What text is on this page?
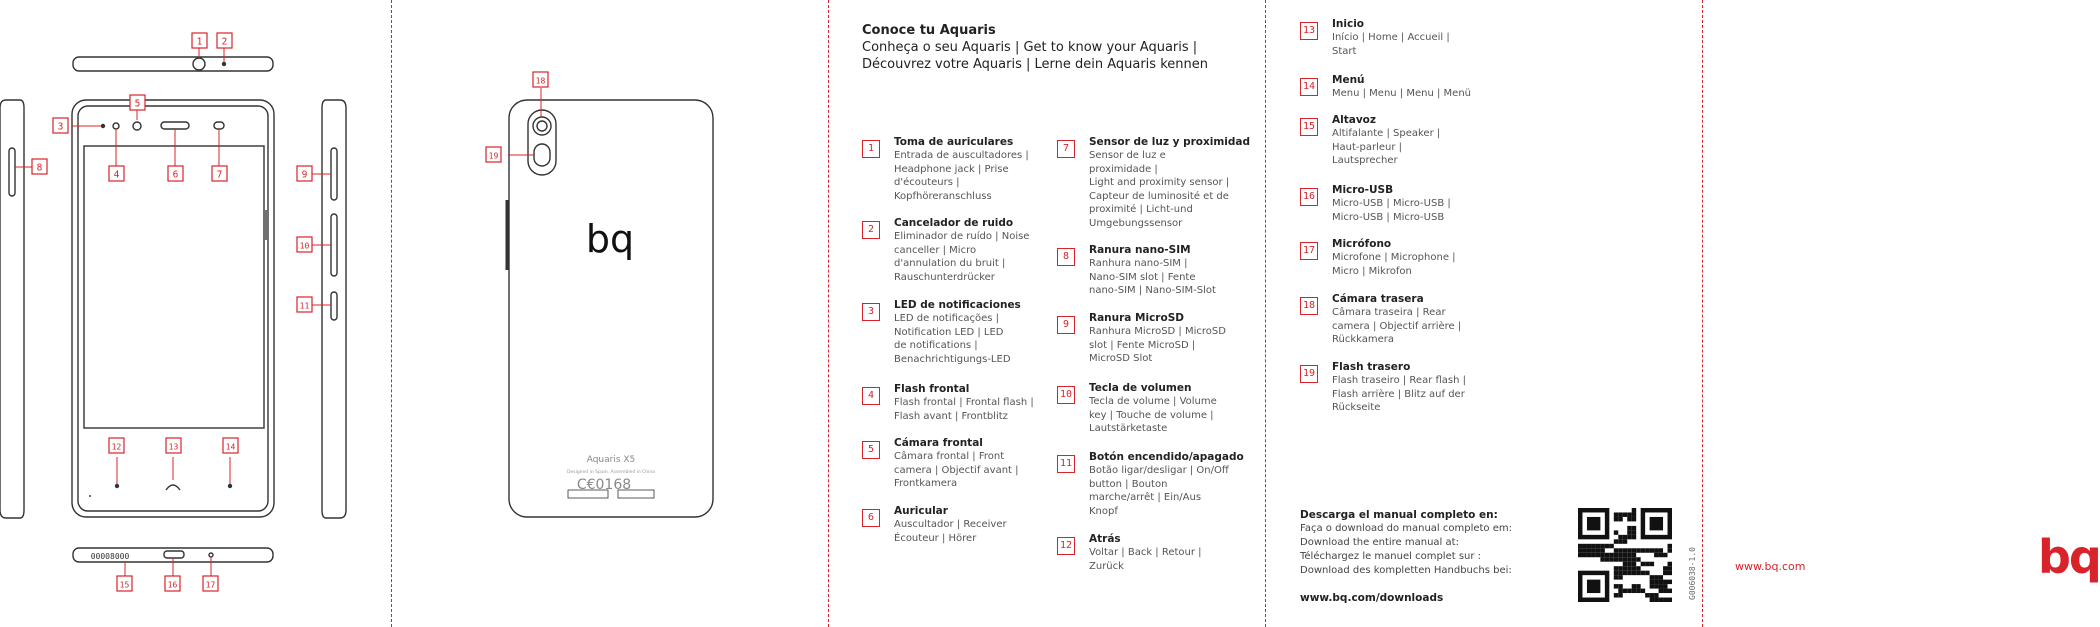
1 2
5
3
4	6	7
8
9
10
11
12	13	14
15	16	17
18
19
00008000
bq
Aquaris X5
Designed in Spain. Assembled in China
C€0168
Conoce tu Aquaris
Conheça o seu Aquaris | Get to know your Aquaris |
Découvrez votre Aquaris | Lerne dein Aquaris kennen
1
Toma de auriculares
Entrada de auscultadores |
Headphone jack | Prise
d'écouteurs |
Kopfhöreranschluss
2
Cancelador de ruido
Eliminador de ruído | Noise
canceller | Micro
d'annulation du bruit |
Rauschunterdrücker
3
LED de notificaciones
LED de notificações |
Notification LED | LED
de notifications |
Benachrichtigungs-LED
4
Flash frontal
Flash frontal | Frontal flash |
Flash avant | Frontblitz
5
Cámara frontal
Câmara frontal | Front
camera | Objectif avant |
Frontkamera
6
Auricular
Auscultador | Receiver
Écouteur | Hörer
7
Sensor de luz y proximidad
Sensor de luz e
proximidade |
Light and proximity sensor |
Capteur de luminosité et de
proximité | Licht-und
Umgebungssensor
8
Ranura nano-SIM
Ranhura nano-SIM |
Nano-SIM slot | Fente
nano-SIM | Nano-SIM-Slot
9
Ranura MicroSD
Ranhura MicroSD | MicroSD
slot | Fente MicroSD |
MicroSD Slot
10
Tecla de volumen
Tecla de volume | Volume
key | Touche de volume |
Lautstärketaste
11
Botón encendido/apagado
Botão ligar/desligar | On/Off
button | Bouton
marche/arrêt | Ein/Aus
Knopf
12
Atrás
Voltar | Back | Retour |
Zurück
13
Inicio
Início | Home | Accueil |
Start
14
Menú
Menu | Menu | Menu | Menü
15
Altavoz
Altifalante | Speaker |
Haut-parleur |
Lautsprecher
16
Micro-USB
Micro-USB | Micro-USB |
Micro-USB | Micro-USB
17
Micrófono
Microfone | Microphone |
Micro | Mikrofon
18
Cámara trasera
Câmara traseira | Rear
camera | Objectif arrière |
Rückkamera
19
Flash trasero
Flash traseiro | Rear flash |
Flash arrière | Blitz auf der
Rückseite
Descarga el manual completo en:
Faça o download do manual completo em:
Download the entire manual at:
Téléchargez le manuel complet sur :
Download des kompletten Handbuchs bei:
www.bq.com/downloads	G006038-1.0	www.bq.com	bq
